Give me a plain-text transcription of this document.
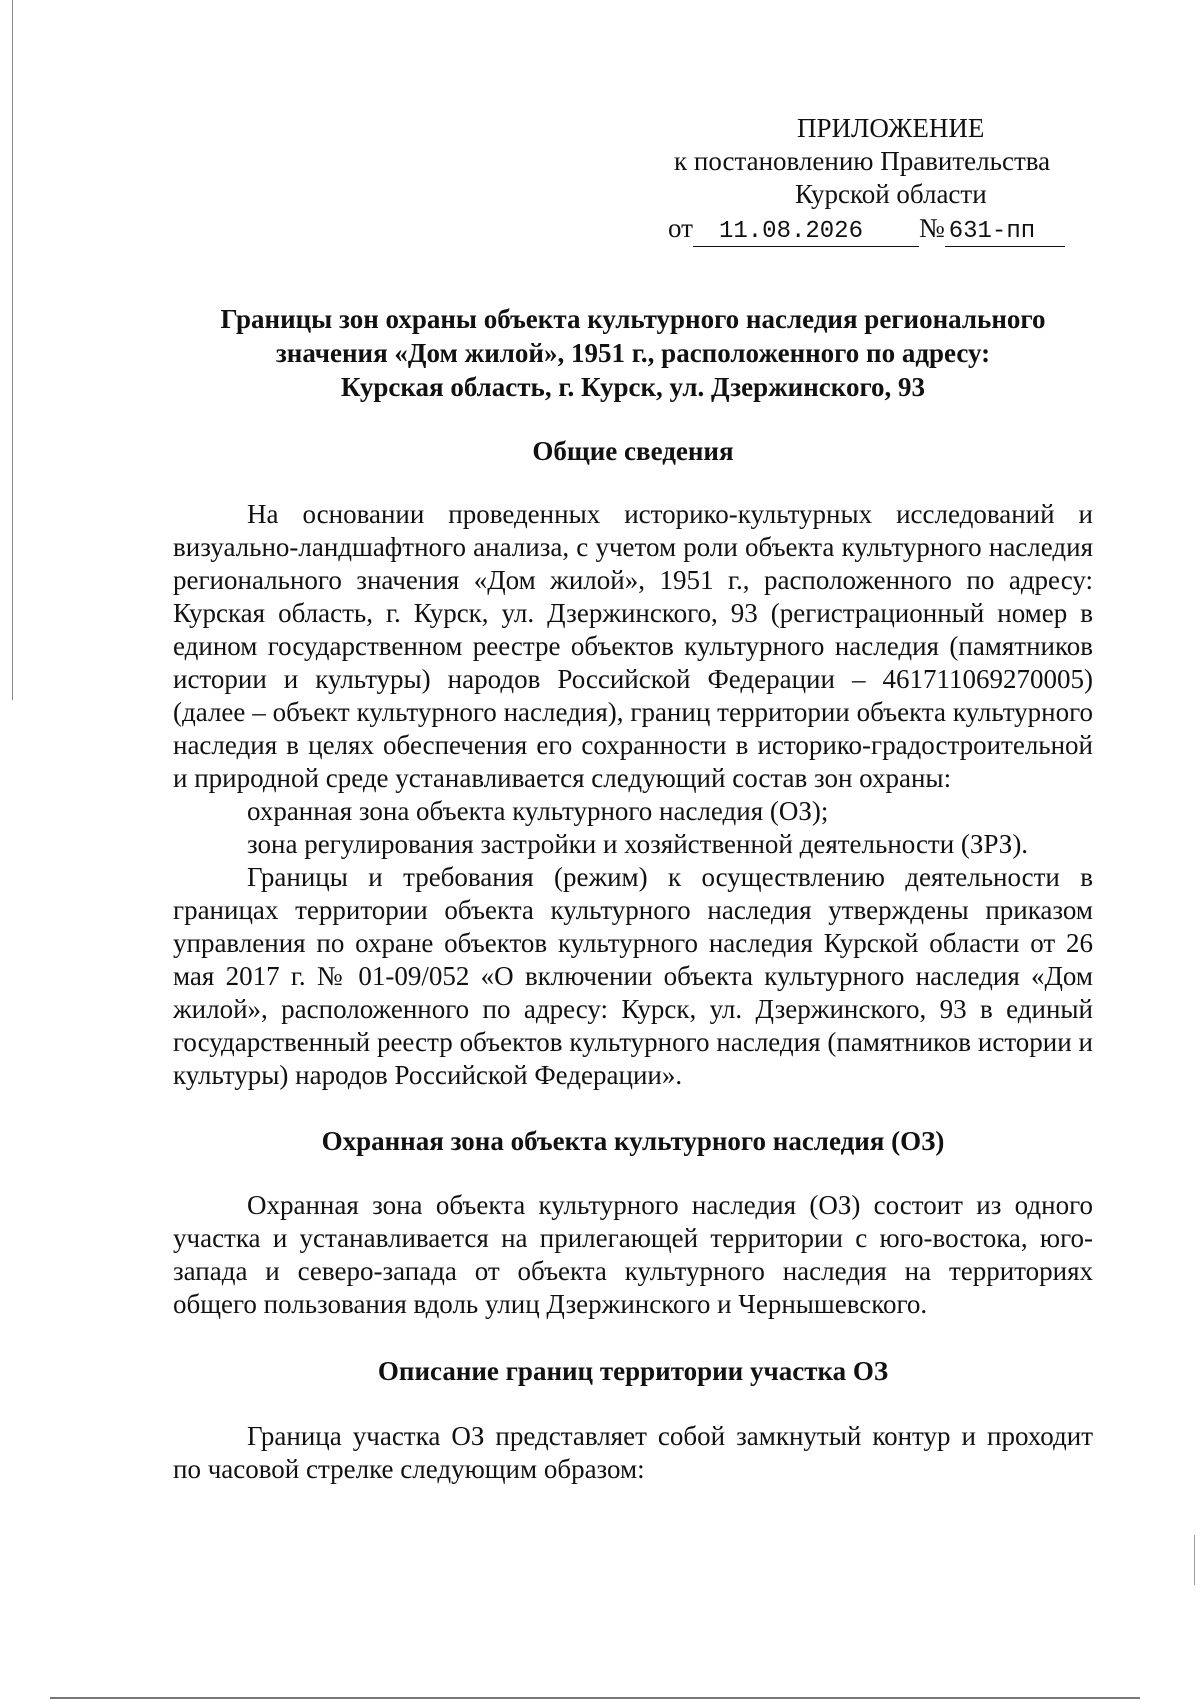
ПРИЛОЖЕНИЕ
к постановлению Правительства
Курской области
от 11.08.2026 № 631-пп
Границы зон охраны объекта культурного наследия регионального
значения «Дом жилой», 1951 г., расположенного по адресу:
Курская область, г. Курск, ул. Дзержинского, 93
Общие сведения

На основании проведенных историко-культурных исследований и визуально-ландшафтного анализа, с учетом роли объекта культурного наследия регионального значения «Дом жилой», 1951 г., расположенного по адресу: Курская область, г. Курск, ул. Дзержинского, 93 (регистрационный номер в едином государственном реестре объектов культурного наследия (памятников истории и культуры) народов Российской Федерации – 461711069270005) (далее – объект культурного наследия), границ территории объекта культурного наследия в целях обеспечения его сохранности в историко-градостроительной и природной среде устанавливается следующий состав зон охраны:

охранная зона объекта культурного наследия (ОЗ);

зона регулирования застройки и хозяйственной деятельности (ЗРЗ).

Границы и требования (режим) к осуществлению деятельности в границах территории объекта культурного наследия утверждены приказом управления по охране объектов культурного наследия Курской области от 26 мая 2017 г. № 01-09/052 «О включении объекта культурного наследия «Дом жилой», расположенного по адресу: Курск, ул. Дзержинского, 93 в единый государственный реестр объектов культурного наследия (памятников истории и культуры) народов Российской Федерации».

Охранная зона объекта культурного наследия (ОЗ)

Охранная зона объекта культурного наследия (ОЗ) состоит из одного участка и устанавливается на прилегающей территории с юго-востока, юго-запада и северо-запада от объекта культурного наследия на территориях общего пользования вдоль улиц Дзержинского и Чернышевского.

Описание границ территории участка ОЗ

Граница участка ОЗ представляет собой замкнутый контур и проходит по часовой стрелке следующим образом:
